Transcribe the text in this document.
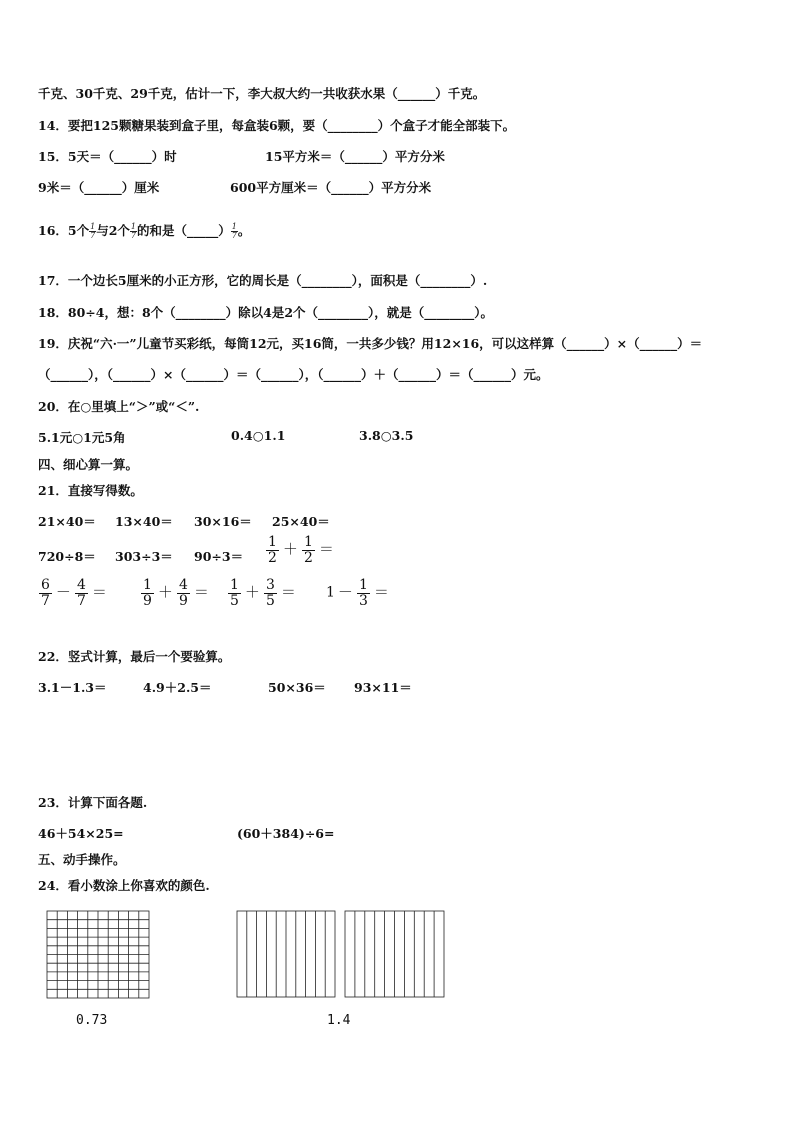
千克、30千克、29千克，估计一下，李大叔大约一共收获水果（______）千克。
14．要把125颗糖果装到盒子里，每盒装6颗，要（________）个盒子才能全部装下。
15．5天＝（______）时	15平方米＝（______）平方分米
9米＝（______）厘米	600平方厘米＝（______）平方分米
16．5个 $\frac{1}{7}$ 与2个 $\frac{1}{7}$ 的和是（_____） $\frac{1}{7}$ 。
17．一个边长5厘米的小正方形，它的周长是（________），面积是（________）.
18．80÷4，想：8个（________）除以4是2个（________），就是（________）。
19．庆祝“六·一”儿童节买彩纸，每筒12元，买16筒，一共多少钱？用12×16，可以这样算（______）×（______）＝
（______），（______）×（______）＝（______），（______）＋（______）＝（______）元。
20．在○里填上“＞”或“＜”.
5.1元○1元5角	0.4○1.1	3.8○3.5
四、细心算一算。
21．直接写得数。
21×40＝ 13×40＝ 30×16＝ 25×40＝
$720\div 8= 303\div 3= 90\div 3= \frac{1}{2} + \frac{1}{2}$ ＝
$\frac{6}{7} - \frac{4}{7} = \frac{1}{9} + \frac{4}{9} = \frac{1}{5} + \frac{3}{5} = 1 - \frac{1}{3}$ ＝
22．竖式计算，最后一个要验算。
3.1－1.3＝	4.9＋2.5＝	50×36＝ 93×11＝
23．计算下面各题.
46＋54×25=	(60＋384)÷6=
五、动手操作。
24．看小数涂上你喜欢的颜色.
0.73	1.4
